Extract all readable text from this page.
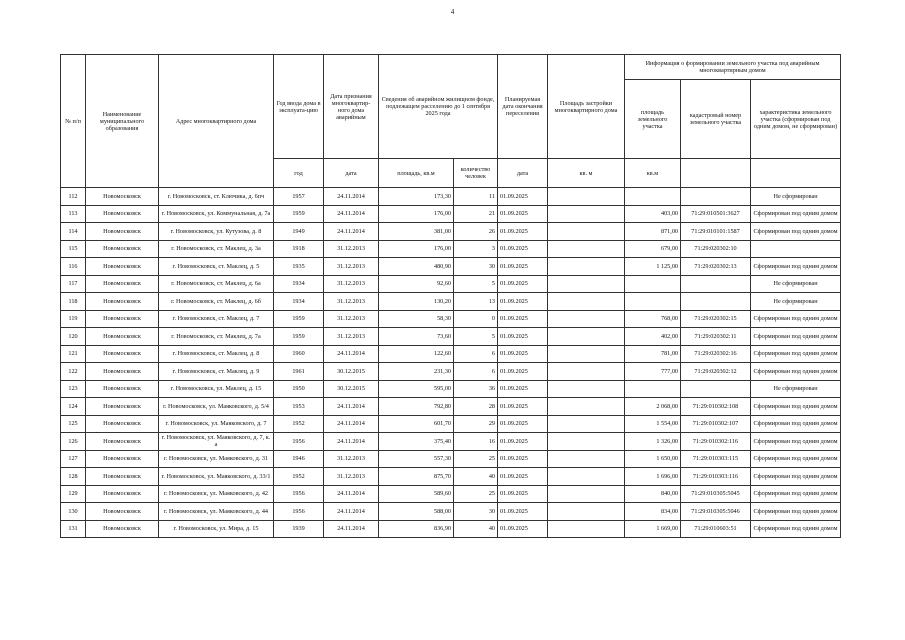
4
№ п/п	Наименование муниципального образования	Адрес многоквартирного дома	Год ввода дома в эксплуата-цию	Дата признания многоквартир-ного дома аварийным	Сведения об аварийном жилищном фонде, подлежащем расселению до 1 сентября 2025 года		Планируемая дата окончания переселения	Площадь застройки многоквартирного дома	Информация о формировании земельного участка под аварийным многоквартирным домом		
									площадь земельного участка	кадастровый номер земельного участка	характеристика земельного участка (сформирован под одним домом, не сформирован)
			год	дата	площадь, кв.м	количество человек	дата	кв. м	кв.м		
112	Новомосковск	г. Новомосковск, ст. Ключика, д. 6пч	1957	24.11.2014	173,30	11	01.09.2025				Не сформирован
113	Новомосковск	г. Новомосковск, ул. Коммунальная, д. 7а	1959	24.11.2014	176,00	21	01.09.2025		403,00	71:29:010501:3627	Сформирован под одним домом
114	Новомосковск	г. Новомосковск, ул. Кутузова, д. 8	1949	24.11.2014	381,00	26	01.09.2025		871,00	71:29:010101:1587	Сформирован под одним домом
115	Новомосковск	г. Новомосковск, ст. Маклец, д. 3а	1918	31.12.2013	176,00	3	01.09.2025		679,00	71:29:020302:10	
116	Новомосковск	г. Новомосковск, ст. Маклец, д. 5	1935	31.12.2013	480,90	30	01.09.2025		1 125,00	71:29:020302:13	Сформирован под одним домом
117	Новомосковск	г. Новомосковск, ст. Маклец, д. 6а	1934	31.12.2013	92,60	5	01.09.2025				Не сформирован
118	Новомосковск	г. Новомосковск, ст. Маклец, д. 6б	1934	31.12.2013	130,20	13	01.09.2025				Не сформирован
119	Новомосковск	г. Новомосковск, ст. Маклец, д. 7	1959	31.12.2013	58,30	0	01.09.2025		768,00	71:29:020302:15	Сформирован под одним домом
120	Новомосковск	г. Новомосковск, ст. Маклец, д. 7а	1959	31.12.2013	73,60	5	01.09.2025		402,00	71:29:020302:11	Сформирован под одним домом
121	Новомосковск	г. Новомосковск, ст. Маклец, д. 8	1960	24.11.2014	122,60	6	01.09.2025		781,00	71:29:020302:16	Сформирован под одним домом
122	Новомосковск	г. Новомосковск, ст. Маклец, д. 9	1961	30.12.2015	231,30	6	01.09.2025		777,00	71:29:020302:12	Сформирован под одним домом
123	Новомосковск	г. Новомосковск, ул. Маклец, д. 15	1950	30.12.2015	595,00	36	01.09.2025				Не сформирован
124	Новомосковск	г. Новомосковск, ул. Маяковского, д. 5/4	1953	24.11.2014	792,80	28	01.09.2025		2 068,00	71:29:010302:108	Сформирован под одним домом
125	Новомосковск	г. Новомосковск, ул. Маяковского, д. 7	1952	24.11.2014	601,70	29	01.09.2025		1 554,00	71:29:010302:107	Сформирован под одним домом
126	Новомосковск	г. Новомосковск, ул. Маяковского, д. 7, к. а	1956	24.11.2014	375,40	16	01.09.2025		1 326,00	71:29:010302:116	Сформирован под одним домом
127	Новомосковск	г. Новомосковск, ул. Маяковского, д. 31	1946	31.12.2013	557,30	25	01.09.2025		1 650,00	71:29:010303:115	Сформирован под одним домом
128	Новомосковск	г. Новомосковск, ул. Маяковского, д. 33/1	1952	31.12.2013	875,70	40	01.09.2025		1 696,00	71:29:010303:116	Сформирован под одним домом
129	Новомосковск	г. Новомосковск, ул. Маяковского, д. 42	1956	24.11.2014	589,60	25	01.09.2025		840,00	71:29:010305:5045	Сформирован под одним домом
130	Новомосковск	г. Новомосковск, ул. Маяковского, д. 44	1956	24.11.2014	588,00	30	01.09.2025		834,00	71:29:010305:5046	Сформирован под одним домом
131	Новомосковск	г. Новомосковск, ул. Мира, д. 15	1939	24.11.2014	836,90	40	01.09.2025		1 669,00	71:29:010603:51	Сформирован под одним домом
